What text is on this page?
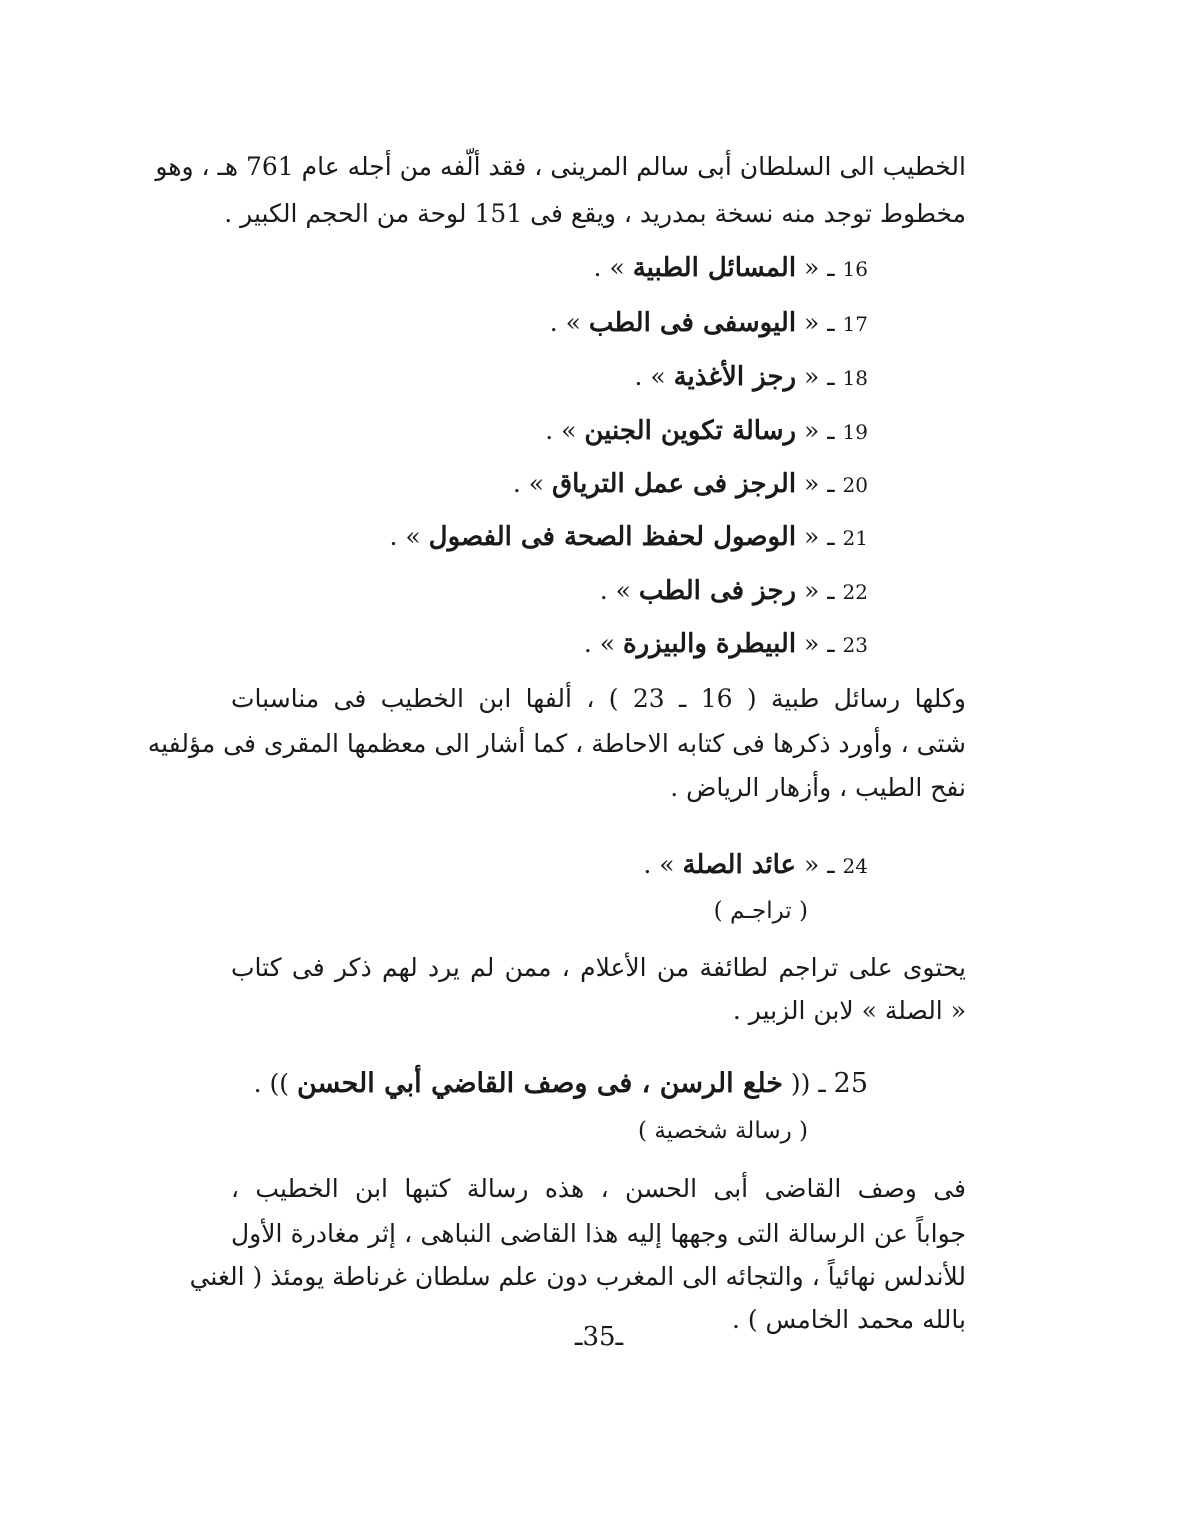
الخطيب الى السلطان أبى سالم المرينى ، فقد ألّفه من أجله عام 761 هـ ، وهو
مخطوط توجد منه نسخة بمدريد ، ويقع فى 151 لوحة من الحجم الكبير .
16 ـ « المسائل الطبية » .
17 ـ « اليوسفى فى الطب » .
18 ـ « رجز الأغذية » .
19 ـ « رسالة تكوين الجنين » .
20 ـ « الرجز فى عمل الترياق » .
21 ـ « الوصول لحفظ الصحة فى الفصول » .
22 ـ « رجز فى الطب » .
23 ـ « البيطرة والبيزرة » .
وكلها رسائل طبية ( 16 ـ 23 ) ، ألفها ابن الخطيب فى مناسبات
شتى ، وأورد ذكرها فى كتابه الاحاطة ، كما أشار الى معظمها المقرى فى مؤلفيه
نفح الطيب ، وأزهار الرياض .
24 ـ « عائد الصلة » .
( تراجـم )
يحتوى على تراجم لطائفة من الأعلام ، ممن لم يرد لهم ذكر فى كتاب
« الصلة » لابن الزبير .
25 ـ (( خلع الرسن ، فى وصف القاضي أبي الحسن )) .
( رسالة شخصية )
فى وصف القاضى أبى الحسن ، هذه رسالة كتبها ابن الخطيب ،
جواباً عن الرسالة التى وجهها إليه هذا القاضى النباهى ، إثر مغادرة الأول
للأندلس نهائياً ، والتجائه الى المغرب دون علم سلطان غرناطة يومئذ ( الغني
بالله محمد الخامس ) .
ـ35ـ
